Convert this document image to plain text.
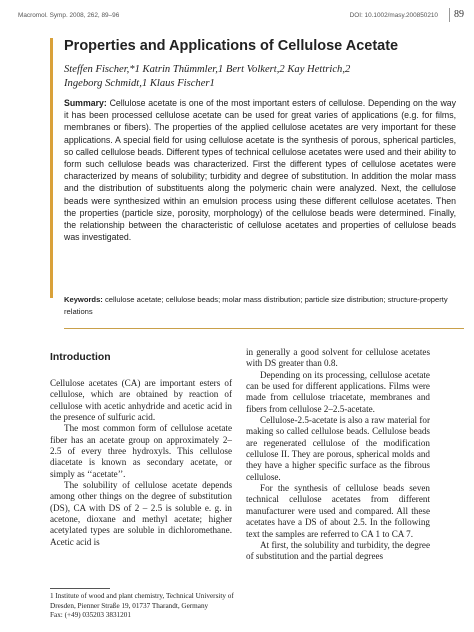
Macromol. Symp. 2008, 262, 89–96	DOI: 10.1002/masy.200850210	89
Properties and Applications of Cellulose Acetate
Steffen Fischer,*1 Katrin Thümmler,1 Bert Volkert,2 Kay Hettrich,2
Ingeborg Schmidt,1 Klaus Fischer1
Summary: Cellulose acetate is one of the most important esters of cellulose. Depending on the way it has been processed cellulose acetate can be used for great varies of applications (e.g. for films, membranes or fibers). The properties of the applied cellulose acetates are very important for these applications. A special field for using cellulose acetate is the synthesis of porous, spherical particles, so called cellulose beads. Different types of technical cellulose acetates were used and their ability to form such cellulose beads was characterized. First the different types of cellulose acetates were characterized by means of solubility; turbidity and degree of substitution. In addition the molar mass and the distribution of substituents along the polymeric chain were analyzed. Next, the cellulose beads were synthesized within an emulsion process using these different cellulose acetates. Then the properties (particle size, porosity, morphology) of the cellulose beads were determined. Finally, the relationship between the characteristic of cellulose acetates and properties of cellulose beads was investigated.
Keywords: cellulose acetate; cellulose beads; molar mass distribution; particle size distribution; structure-property relations
Introduction

Cellulose acetates (CA) are important esters of cellulose, which are obtained by reaction of cellulose with acetic anhydride and acetic acid in the presence of sulfuric acid.

The most common form of cellulose acetate fiber has an acetate group on approximately 2–2.5 of every three hydroxyls. This cellulose diacetate is known as secondary acetate, or simply as ‘‘acetate’’.

The solubility of cellulose acetate depends among other things on the degree of substitution (DS), CA with DS of 2 – 2.5 is soluble e. g. in acetone, dioxane and methyl acetate; higher acetylated types are soluble in dichloromethane. Acetic acid is

in generally a good solvent for cellulose acetates with DS greater than 0.8.

Depending on its processing, cellulose acetate can be used for different applications. Films were made from cellulose triacetate, membranes and fibers from cellulose 2–2.5-acetate.

Cellulose-2.5-acetate is also a raw material for making so called cellulose beads. Cellulose beads are regenerated cellulose of the modification cellulose II. They are porous, spherical molds and they have a higher specific surface as the fibrous cellulose.

For the synthesis of cellulose beads seven technical cellulose acetates from different manufacturer were used and compared. All these acetates have a DS of about 2.5. In the following text the samples are referred to CA 1 to CA 7.

At first, the solubility and turbidity, the degree of substitution and the partial degrees

1 Institute of wood and plant chemistry, Technical University of Dresden, Pienner Straße 19, 01737 Tharandt, Germany
Fax: (+49) 035203 3831201
